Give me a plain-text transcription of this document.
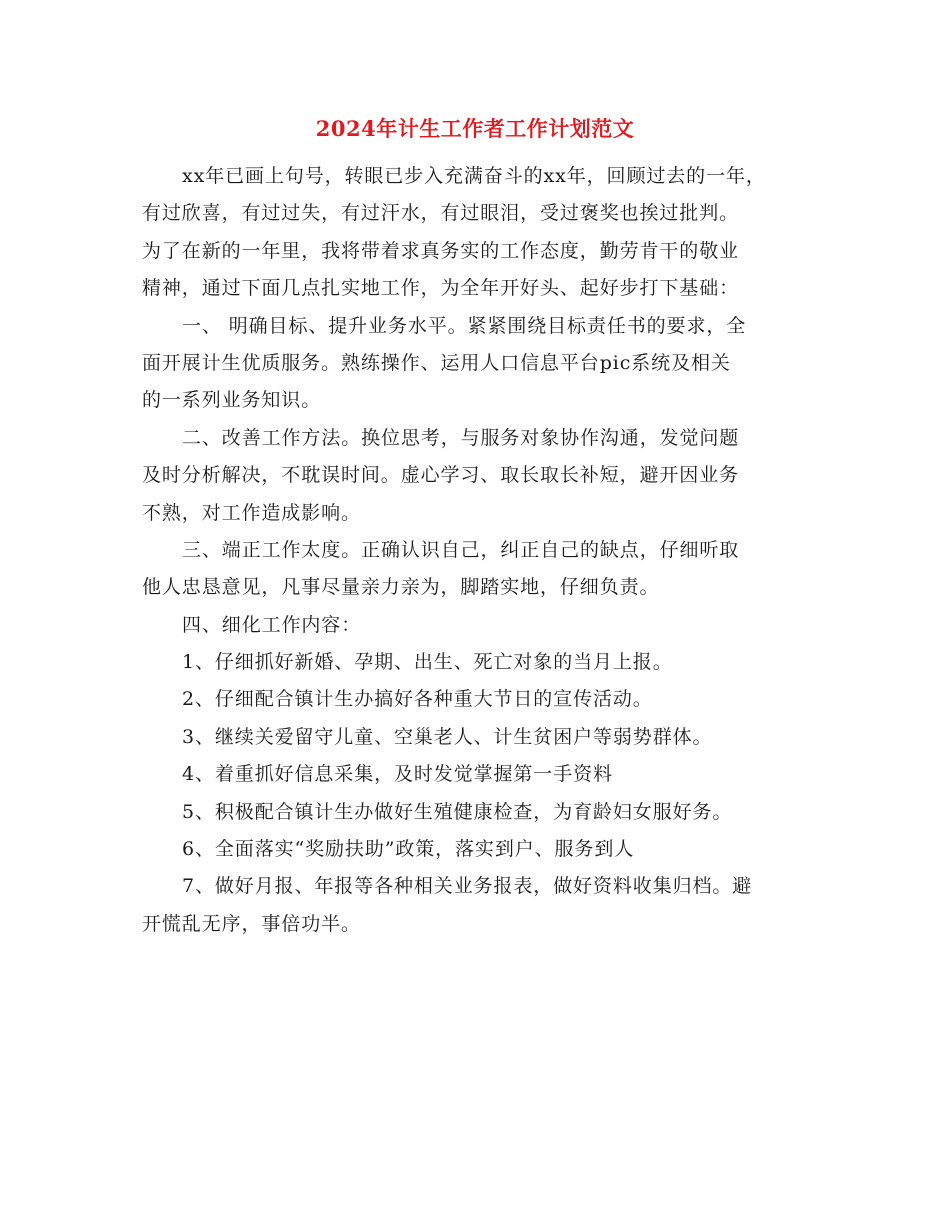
2024年计生工作者工作计划范文
xx年已画上句号，转眼已步入充满奋斗的xx年，回顾过去的一年，
有过欣喜，有过过失，有过汗水，有过眼泪，受过褒奖也挨过批判。
为了在新的一年里，我将带着求真务实的工作态度，勤劳肯干的敬业
精神，通过下面几点扎实地工作，为全年开好头、起好步打下基础：
一、 明确目标、提升业务水平。紧紧围绕目标责任书的要求，全
面开展计生优质服务。熟练操作、运用人口信息平台pic系统及相关
的一系列业务知识。
二、改善工作方法。换位思考，与服务对象协作沟通，发觉问题
及时分析解决，不耽误时间。虚心学习、取长取长补短，避开因业务
不熟，对工作造成影响。
三、端正工作太度。正确认识自己，纠正自己的缺点，仔细听取
他人忠恳意见，凡事尽量亲力亲为，脚踏实地，仔细负责。
四、细化工作内容：
1、仔细抓好新婚、孕期、出生、死亡对象的当月上报。
2、仔细配合镇计生办搞好各种重大节日的宣传活动。
3、继续关爱留守儿童、空巢老人、计生贫困户等弱势群体。
4、着重抓好信息采集，及时发觉掌握第一手资料
5、积极配合镇计生办做好生殖健康检查，为育龄妇女服好务。
6、全面落实“奖励扶助”政策，落实到户、服务到人
7、做好月报、年报等各种相关业务报表，做好资料收集归档。避
开慌乱无序，事倍功半。
